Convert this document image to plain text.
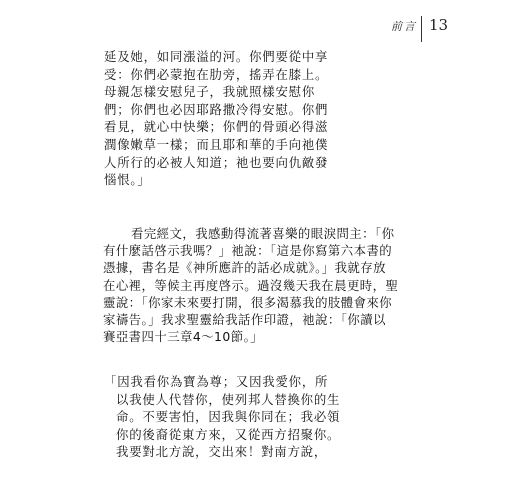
前言 13

延及她，如同漲溢的河。你們要從中享

受：你們必蒙抱在肋旁，搖弄在膝上。

母親怎樣安慰兒子，我就照樣安慰你

們；你們也必因耶路撒冷得安慰。你們

看見，就心中快樂；你們的骨頭必得滋

潤像嫩草一樣；而且耶和華的手向祂僕

人所行的必被人知道；祂也要向仇敵發

惱恨。」

看完經文，我感動得流著喜樂的眼淚問主：「你

有什麼話啓示我嗎？」祂說：「這是你寫第六本書的

憑據，書名是《神所應許的話必成就》。」我就存放

在心裡，等候主再度啓示。過沒幾天我在晨更時，聖

靈說：「你家未來要打開，很多渴慕我的肢體會來你

家禱告。」我求聖靈給我話作印證，祂說：「你讀以

賽亞書四十三章4〜10節。」

「因我看你為寶為尊；又因我愛你，所

以我使人代替你，使列邦人替換你的生

命。不要害怕，因我與你同在；我必領

你的後裔從東方來，又從西方招聚你。

我要對北方說，交出來！對南方說，
